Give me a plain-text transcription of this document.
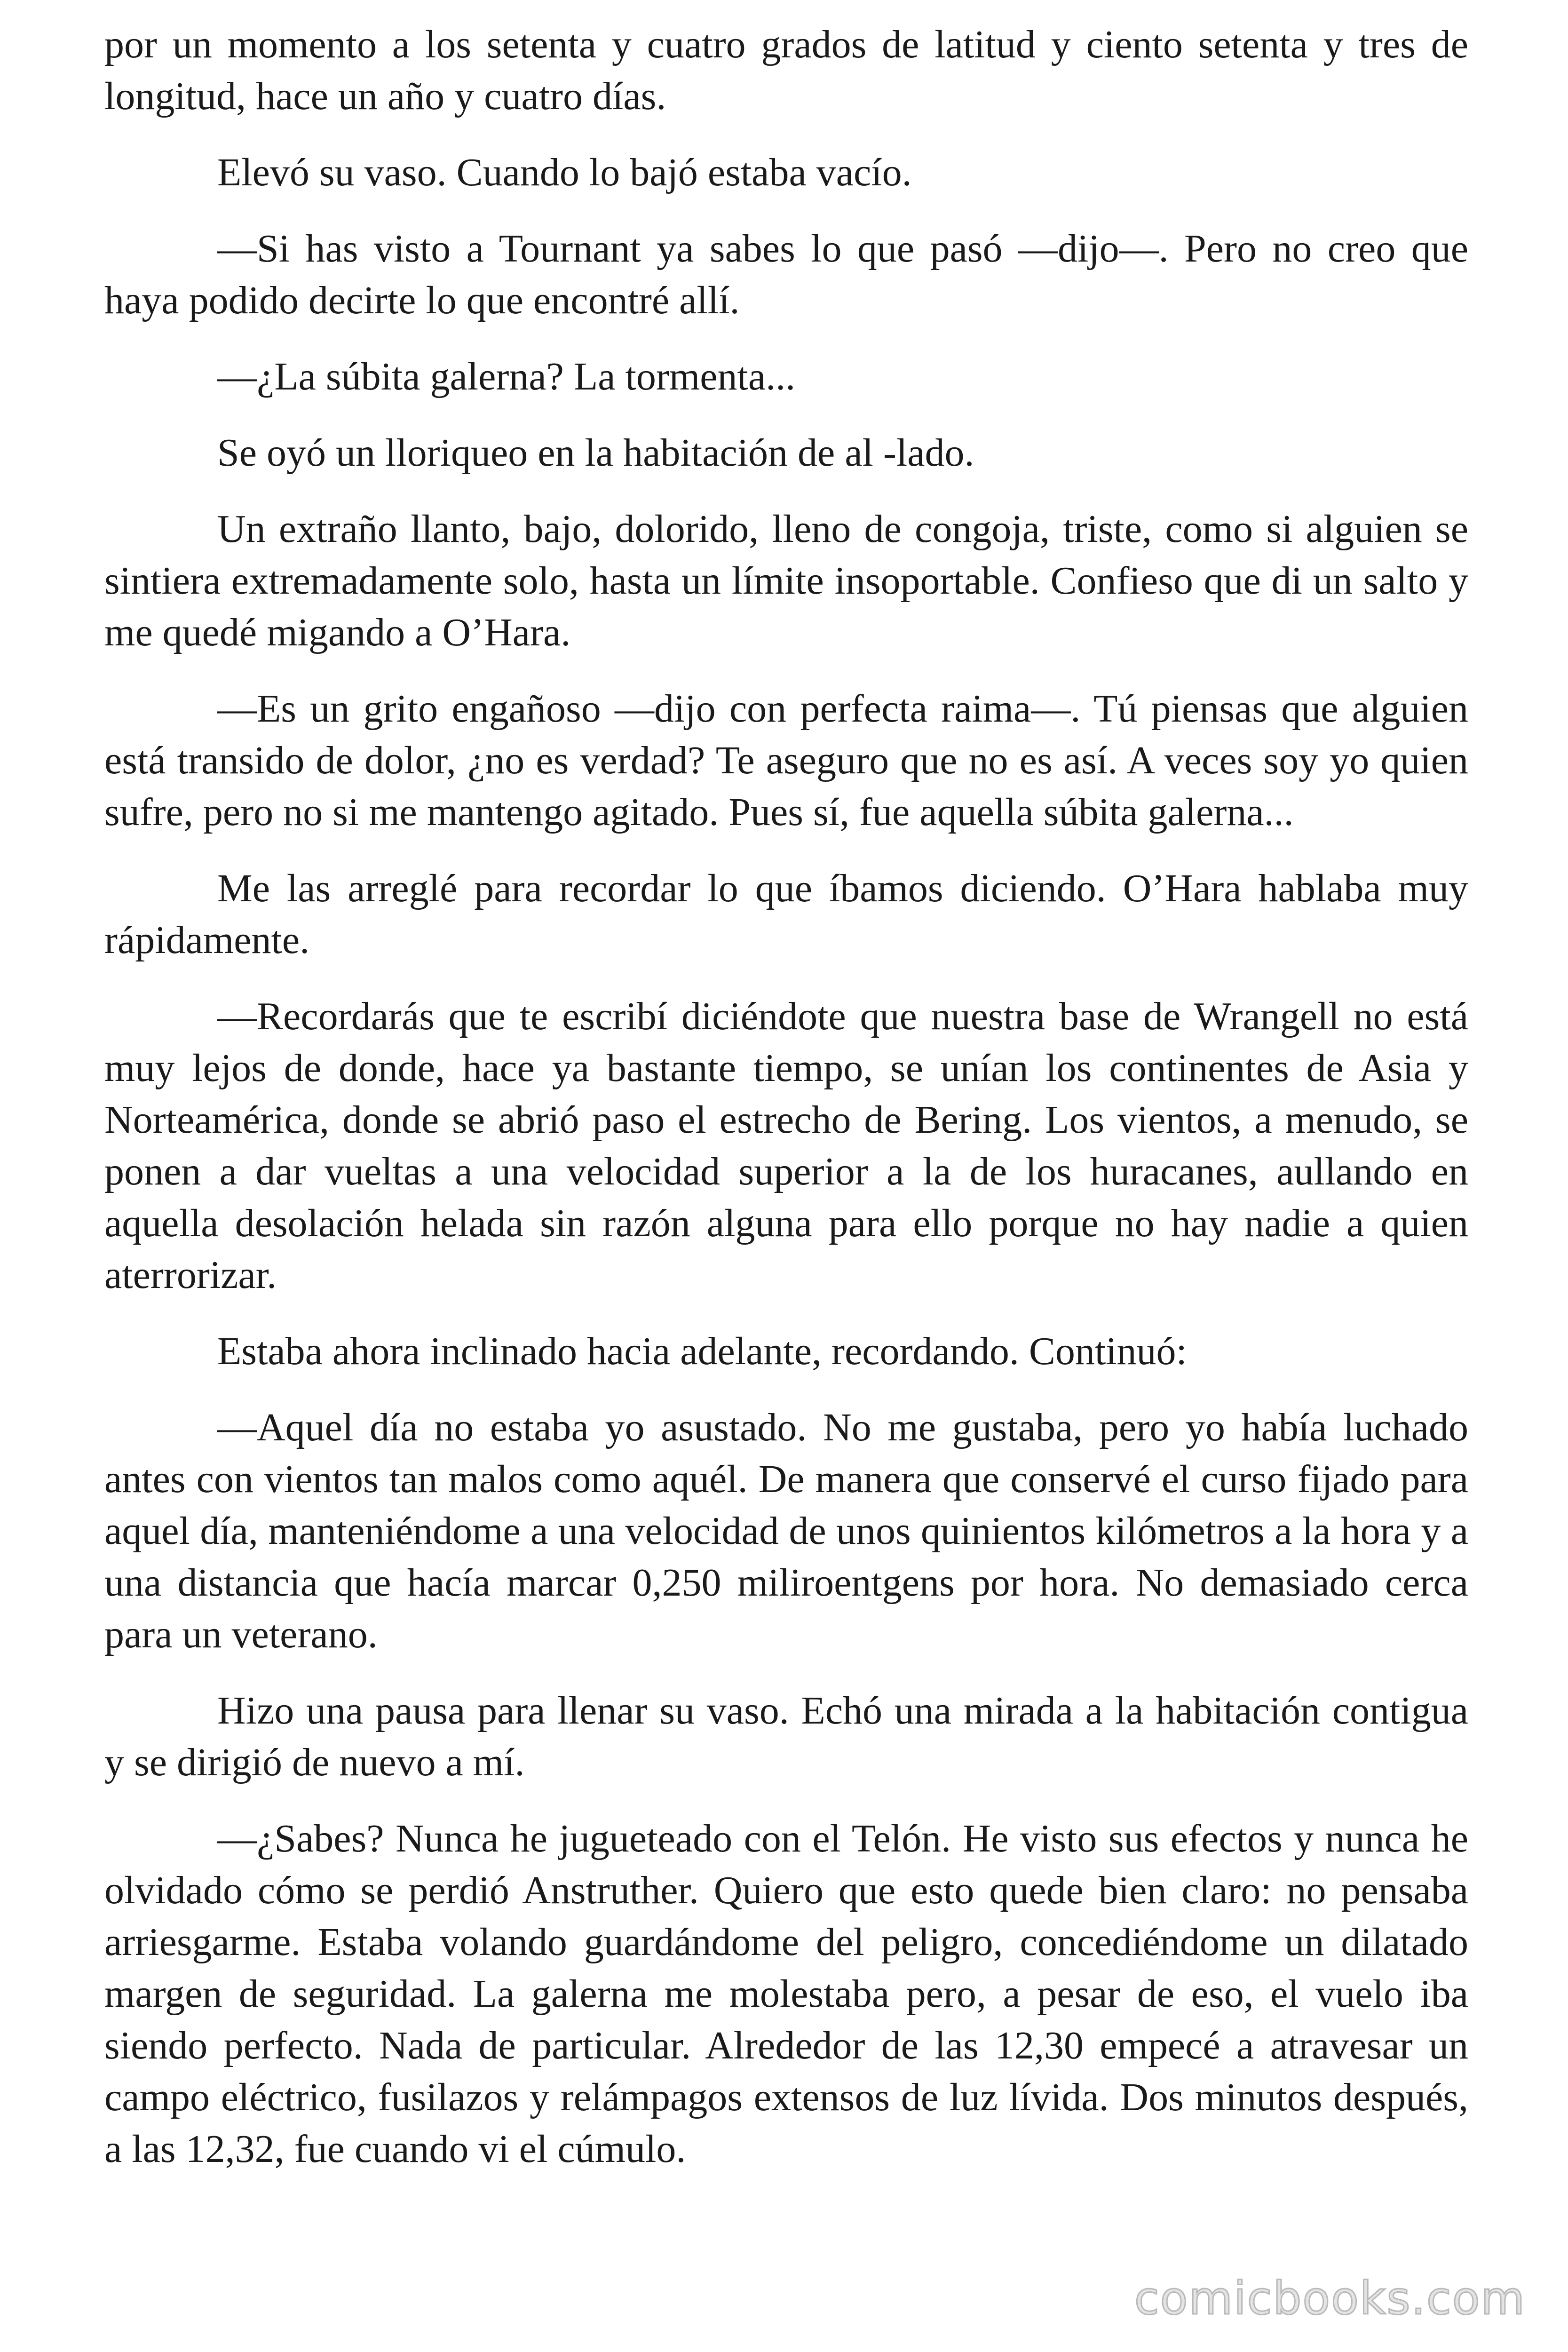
por un momento a los setenta y cuatro grados de latitud y ciento setenta y tres de longitud, hace un año y cuatro días.

Elevó su vaso. Cuando lo bajó estaba vacío.

—Si has visto a Tournant ya sabes lo que pasó —dijo—. Pero no creo que haya podido decirte lo que encontré allí.

—¿La súbita galerna? La tormenta...

Se oyó un lloriqueo en la habitación de al -lado.

Un extraño llanto, bajo, dolorido, lleno de congoja, triste, como si alguien se sintiera extremadamente solo, hasta un límite insoportable. Confieso que di un salto y me quedé migando a O’Hara.

—Es un grito engañoso —dijo con perfecta raima—. Tú piensas que alguien está transido de dolor, ¿no es verdad? Te aseguro que no es así. A veces soy yo quien sufre, pero no si me mantengo agitado. Pues sí, fue aquella súbita galerna...

Me las arreglé para recordar lo que íbamos diciendo. O’Hara hablaba muy rápidamente.

—Recordarás que te escribí diciéndote que nuestra base de Wrangell no está muy lejos de donde, hace ya bastante tiempo, se unían los continentes de Asia y Norteamérica, donde se abrió paso el estrecho de Bering. Los vientos, a menudo, se ponen a dar vueltas a una velocidad superior a la de los huracanes, aullando en aquella desolación helada sin razón alguna para ello porque no hay nadie a quien aterrorizar.

Estaba ahora inclinado hacia adelante, recordando. Continuó:

—Aquel día no estaba yo asustado. No me gustaba, pero yo había luchado antes con vientos tan malos como aquél. De manera que conservé el curso fijado para aquel día, manteniéndome a una velocidad de unos quinientos kilómetros a la hora y a una distancia que hacía marcar 0,250 miliroentgens por hora. No demasiado cerca para un veterano.

Hizo una pausa para llenar su vaso. Echó una mirada a la habitación contigua y se dirigió de nuevo a mí.

—¿Sabes? Nunca he jugueteado con el Telón. He visto sus efectos y nunca he olvidado cómo se perdió Anstruther. Quiero que esto quede bien claro: no pensaba arriesgarme. Estaba volando guardándome del peligro, concediéndome un dilatado margen de seguridad. La galerna me molestaba pero, a pesar de eso, el vuelo iba siendo perfecto. Nada de particular. Alrededor de las 12,30 empecé a atravesar un campo eléctrico, fusilazos y relámpagos extensos de luz lívida. Dos minutos después, a las 12,32, fue cuando vi el cúmulo.

comicbooks.com
